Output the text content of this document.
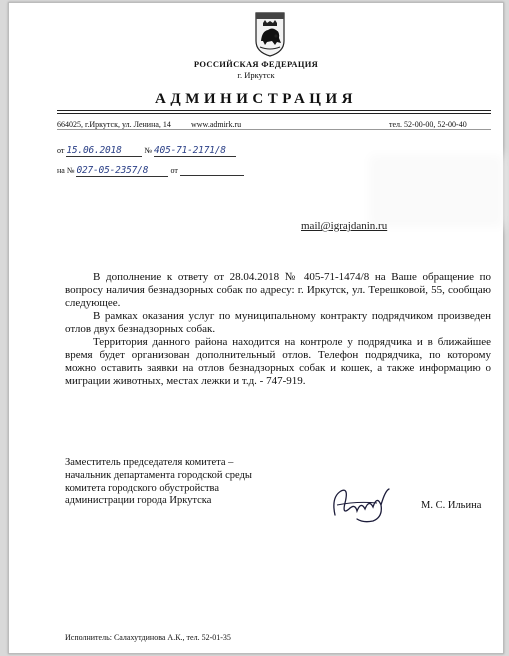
РОССИЙСКАЯ ФЕДЕРАЦИЯ
г. Иркутск
АДМИНИСТРАЦИЯ
664025, г.Иркутск, ул. Ленина, 14	www.admirk.ru	тел. 52-00-00, 52-00-40
от 15.06.2018	№ 405-71-2171/8
на № 027-05-2357/8	от
mail@igrajdanin.ru

В дополнение к ответу от 28.04.2018 № 405-71-1474/8 на Ваше обращение по вопросу наличия безнадзорных собак по адресу: г. Иркутск, ул. Терешковой, 55, сообщаю следующее.

В рамках оказания услуг по муниципальному контракту подрядчиком произведен отлов двух безнадзорных собак.

Территория данного района находится на контроле у подрядчика и в ближайшее время будет организован дополнительный отлов. Телефон подрядчика, по которому можно оставить заявки на отлов безнадзорных собак и кошек, а также информацию о миграции животных, местах лежки и т.д. - 747-919.

Заместитель председателя комитета –
начальник департамента городской среды
комитета городского обустройства
администрации города Иркутска	М. С. Ильина
Исполнитель: Салахутдинова А.К., тел. 52-01-35
